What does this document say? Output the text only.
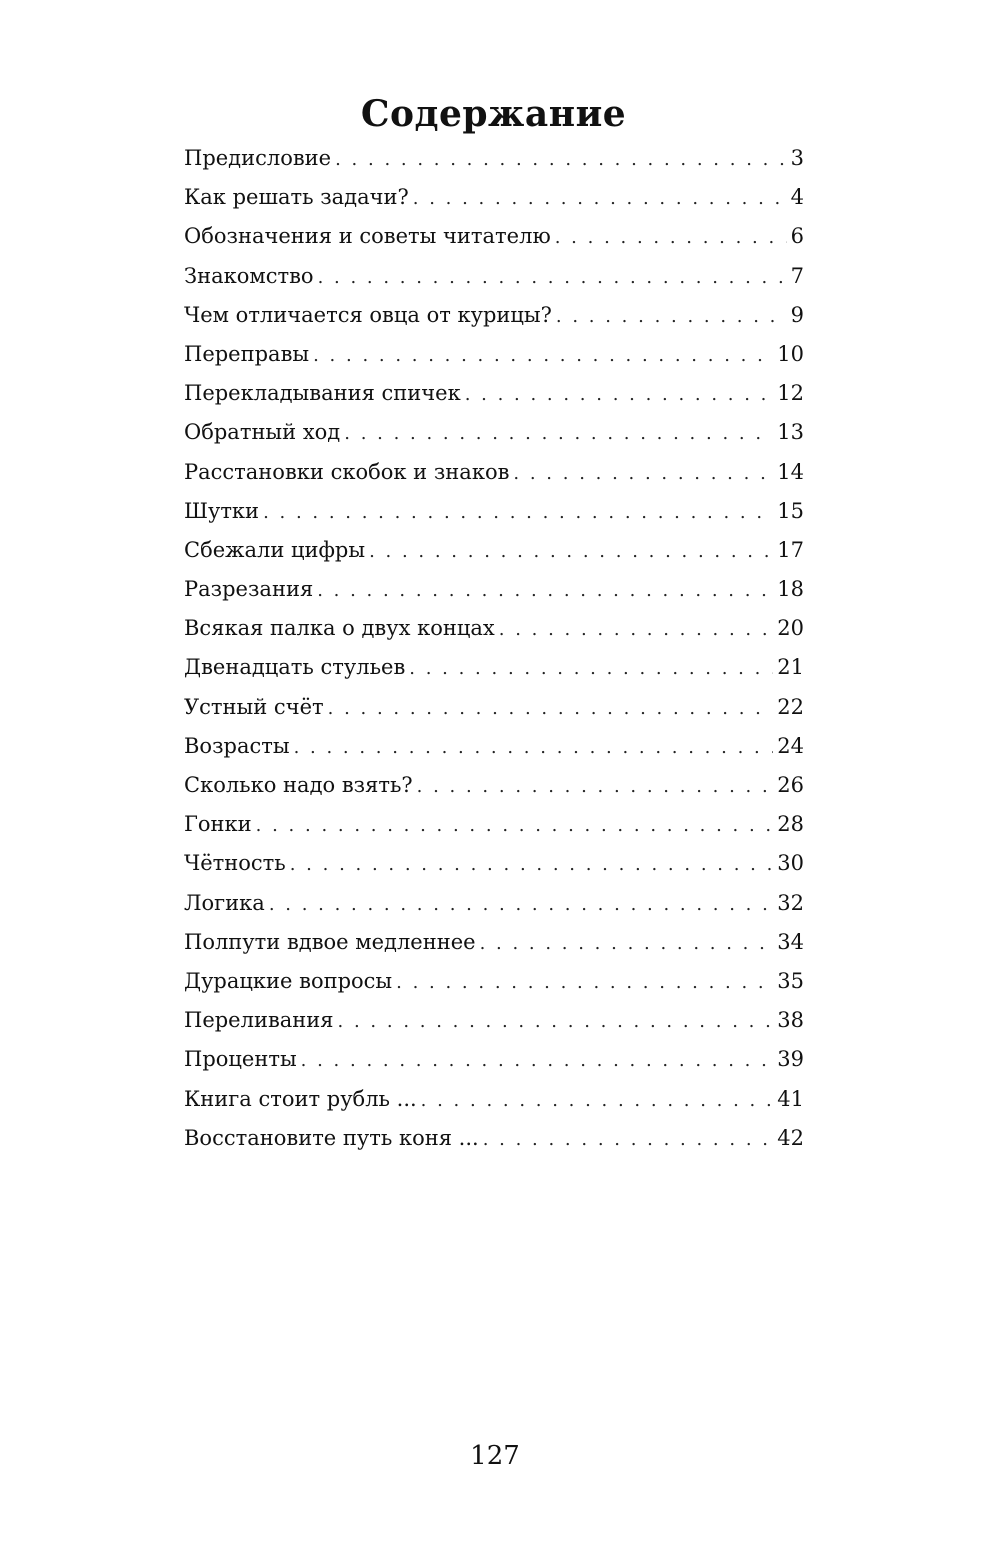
Содержание
Предисловие . . .	3
Как решать задачи? . . .	4
Обозначения и советы читателю . . .	6
Знакомство . . .	7
Чем отличается овца от курицы? . . .	9
Переправы . . .	10
Перекладывания спичек . . .	12
Обратный ход . . .	13
Расстановки скобок и знаков . . .	14
Шутки . . .	15
Сбежали цифры . . .	17
Разрезания . . .	18
Всякая палка о двух концах . . .	20
Двенадцать стульев . . .	21
Устный счёт . . .	22
Возрасты . . .	24
Сколько надо взять? . . .	26
Гонки . . .	28
Чётность . . .	30
Логика . . .	32
Полпути вдвое медленнее . . .	34
Дурацкие вопросы . . .	35
Переливания . . .	38
Проценты . . .	39
Книга стоит рубль ... . . .	41
Восстановите путь коня ... . . .	42
127
